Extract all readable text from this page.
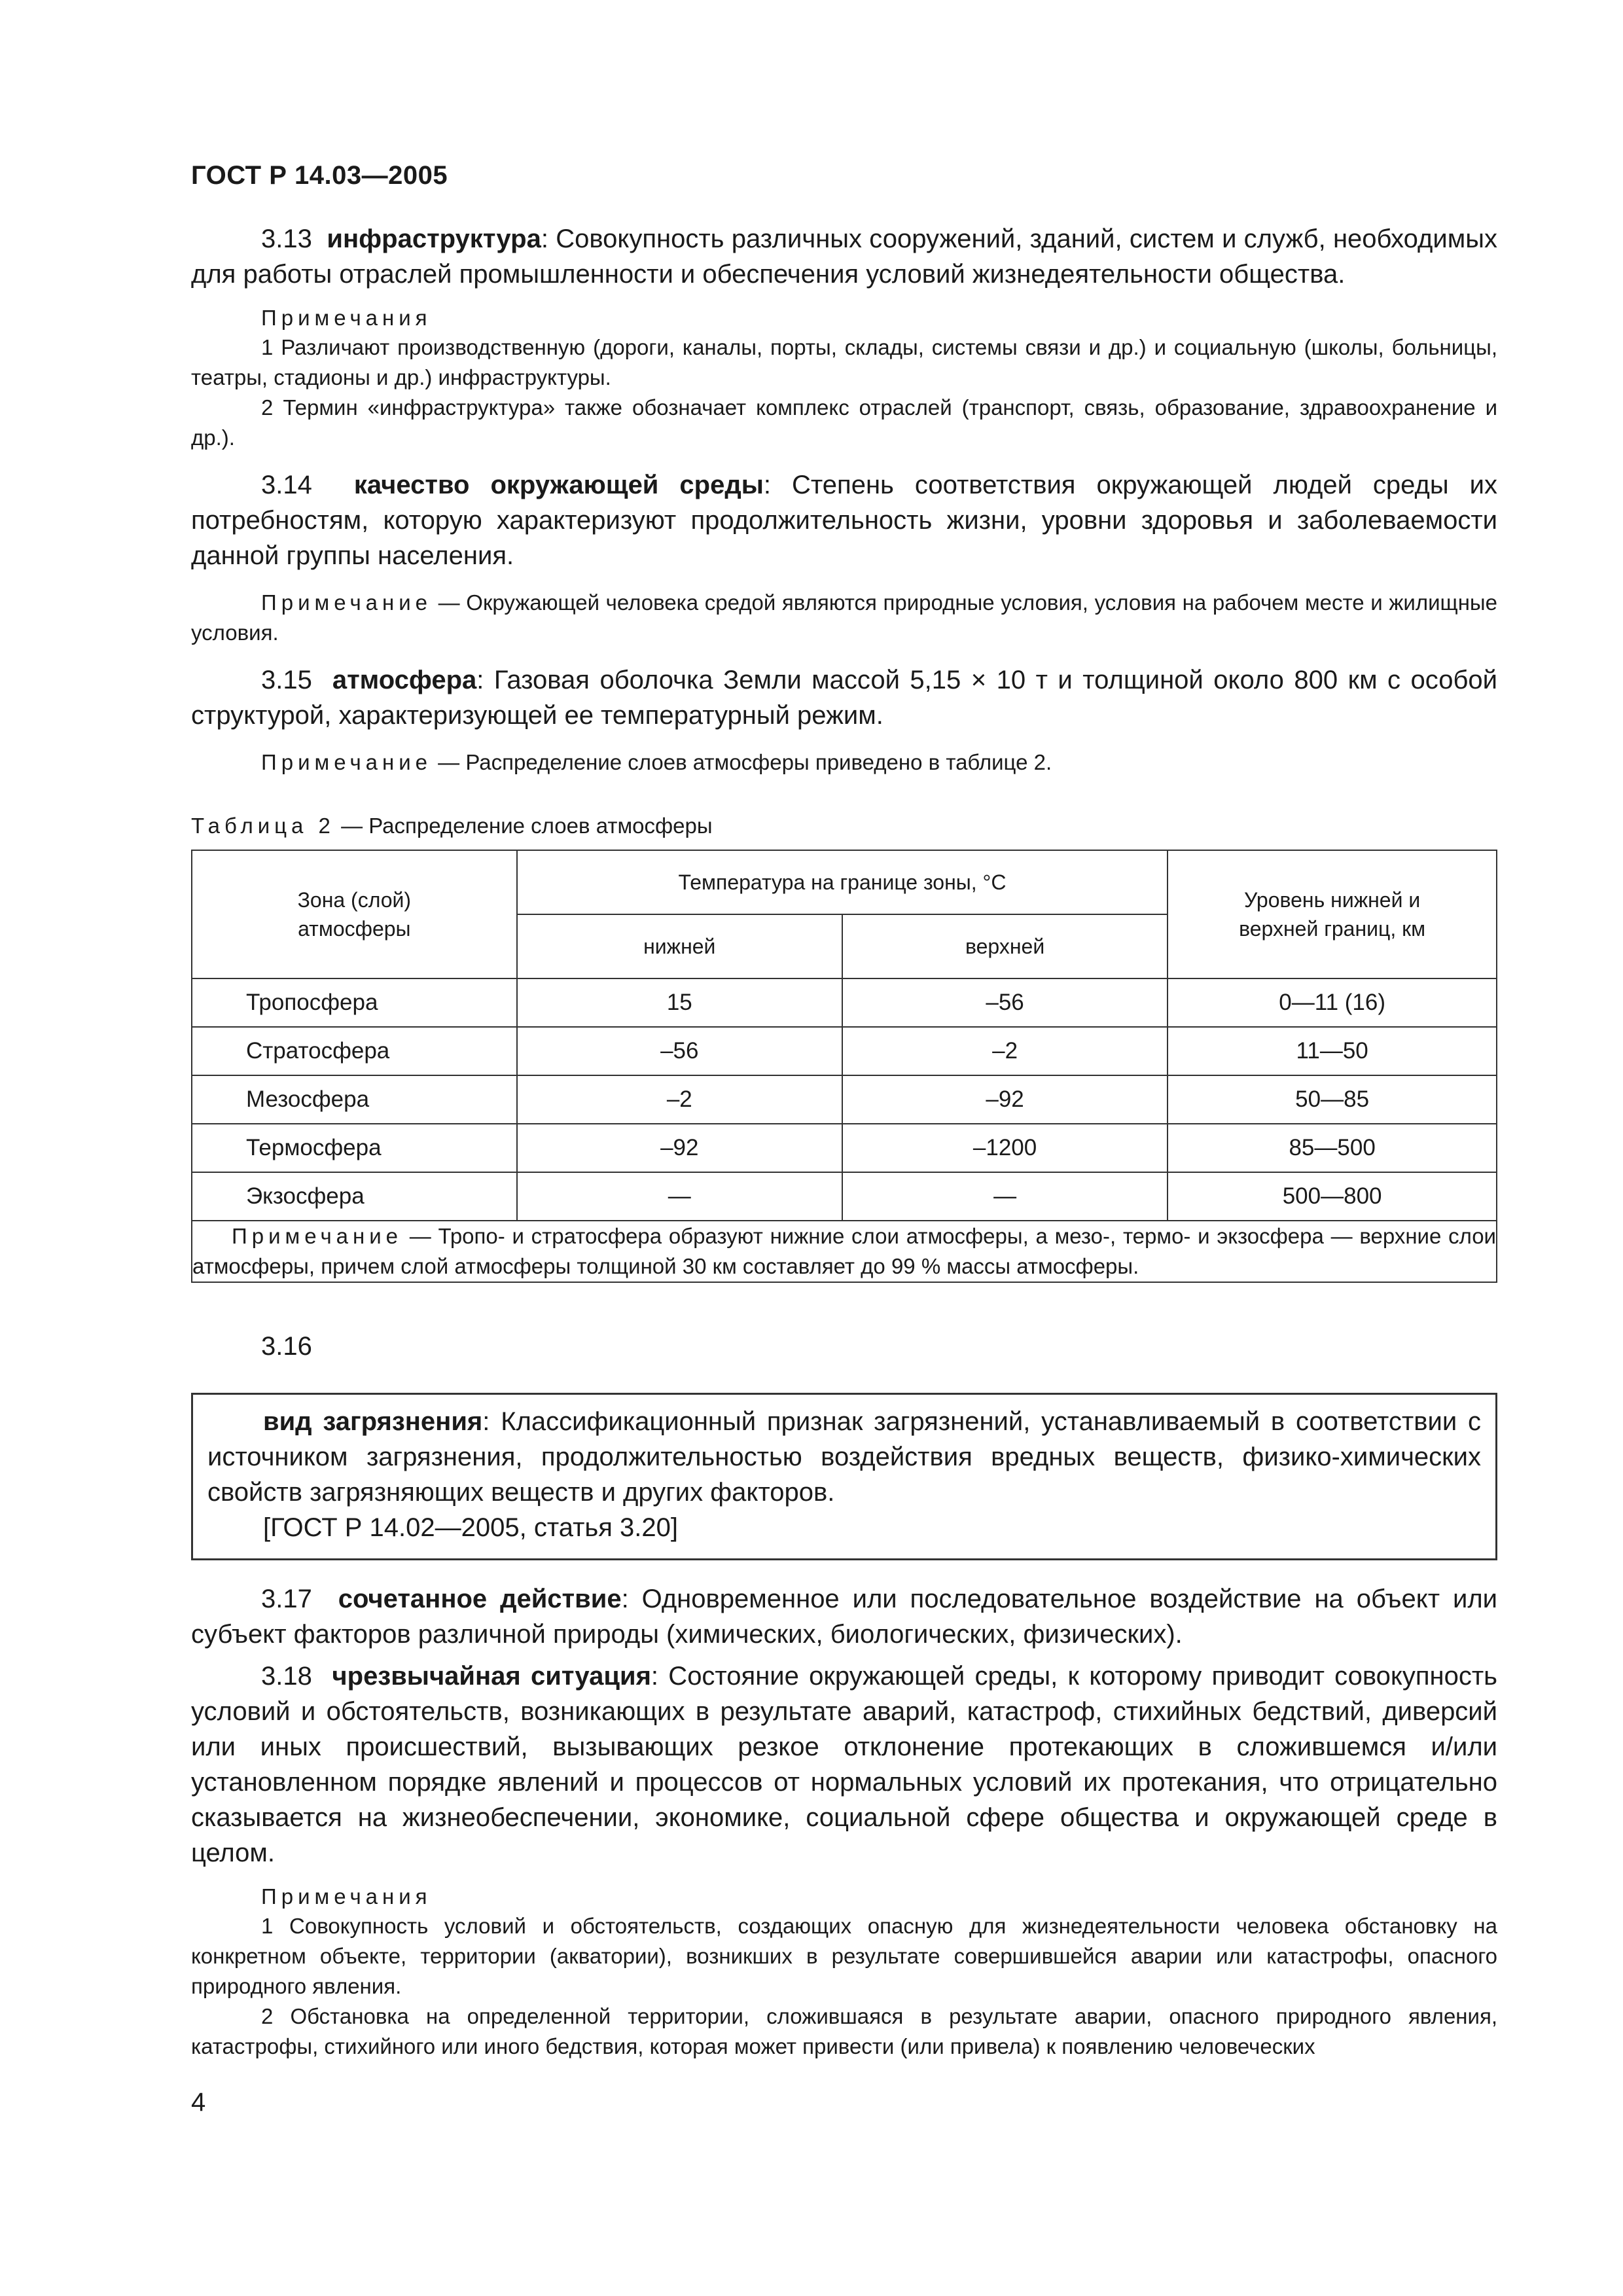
ГОСТ Р 14.03—2005

3.13 инфраструктура: Совокупность различных сооружений, зданий, систем и служб, необходимых для работы отраслей промышленности и обеспечения условий жизнедеятельности общества.

Примечания

1 Различают производственную (дороги, каналы, порты, склады, системы связи и др.) и социальную (школы, больницы, театры, стадионы и др.) инфраструктуры.

2 Термин «инфраструктура» также обозначает комплекс отраслей (транспорт, связь, образование, здравоохранение и др.).

3.14 качество окружающей среды: Степень соответствия окружающей людей среды их потребностям, которую характеризуют продолжительность жизни, уровни здоровья и заболеваемости данной группы населения.

Примечание — Окружающей человека средой являются природные условия, условия на рабочем месте и жилищные условия.

3.15 атмосфера: Газовая оболочка Земли массой 5,15 × 10 т и толщиной около 800 км с особой структурой, характеризующей ее температурный режим.

Примечание — Распределение слоев атмосферы приведено в таблице 2.

Таблица 2 — Распределение слоев атмосферы
Зона (слой) атмосферы	Температура на границе зоны, °С		Уровень нижней и верхней границ, км

	нижней	верхней	
Тропосфера	15	–56	0—11 (16)
Стратосфера	–56	–2	11—50
Мезосфера	–2	–92	50—85
Термосфера	–92	–1200	85—500
Экзосфера	—	—	500—800
Примечание — Тропо- и стратосфера образуют нижние слои атмосферы, а мезо-, термо- и экзосфера — верхние слои атмосферы, причем слой атмосферы толщиной 30 км составляет до 99 % массы атмосферы.			
3.16

вид загрязнения: Классификационный признак загрязнений, устанавливаемый в соответствии с источником загрязнения, продолжительностью воздействия вредных веществ, физико-химических свойств загрязняющих веществ и других факторов.

[ГОСТ Р 14.02—2005, статья 3.20]

3.17 сочетанное действие: Одновременное или последовательное воздействие на объект или субъект факторов различной природы (химических, биологических, физических).

3.18 чрезвычайная ситуация: Состояние окружающей среды, к которому приводит совокупность условий и обстоятельств, возникающих в результате аварий, катастроф, стихийных бедствий, диверсий или иных происшествий, вызывающих резкое отклонение протекающих в сложившемся и/или установленном порядке явлений и процессов от нормальных условий их протекания, что отрицательно сказывается на жизнеобеспечении, экономике, социальной сфере общества и окружающей среде в целом.

Примечания

1 Совокупность условий и обстоятельств, создающих опасную для жизнедеятельности человека обстановку на конкретном объекте, территории (акватории), возникших в результате совершившейся аварии или катастрофы, опасного природного явления.

2 Обстановка на определенной территории, сложившаяся в результате аварии, опасного природного явления, катастрофы, стихийного или иного бедствия, которая может привести (или привела) к появлению человеческих

4
